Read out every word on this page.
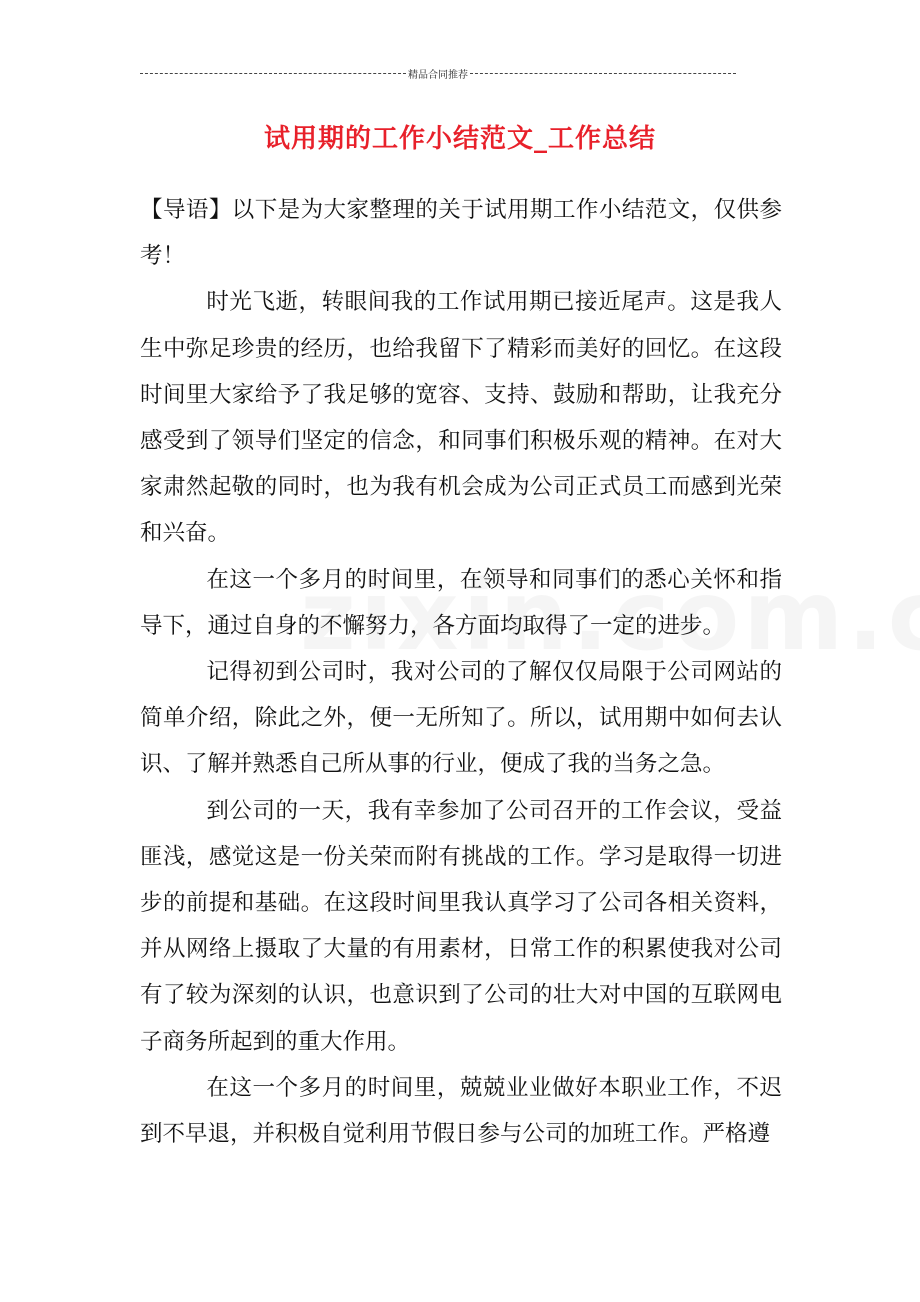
精品合同推荐
试用期的工作小结范文_工作总结

【导语】以下是为大家整理的关于试用期工作小结范文，仅供参考！

时光飞逝，转眼间我的工作试用期已接近尾声。这是我人生中弥足珍贵的经历，也给我留下了精彩而美好的回忆。在这段时间里大家给予了我足够的宽容、支持、鼓励和帮助，让我充分感受到了领导们坚定的信念，和同事们积极乐观的精神。在对大家肃然起敬的同时，也为我有机会成为公司正式员工而感到光荣和兴奋。

在这一个多月的时间里，在领导和同事们的悉心关怀和指导下，通过自身的不懈努力，各方面均取得了一定的进步。

记得初到公司时，我对公司的了解仅仅局限于公司网站的简单介绍，除此之外，便一无所知了。所以，试用期中如何去认识、了解并熟悉自己所从事的行业，便成了我的当务之急。

到公司的一天，我有幸参加了公司召开的工作会议，受益匪浅，感觉这是一份关荣而附有挑战的工作。学习是取得一切进步的前提和基础。在这段时间里我认真学习了公司各相关资料，并从网络上摄取了大量的有用素材，日常工作的积累使我对公司有了较为深刻的认识，也意识到了公司的壮大对中国的互联网电子商务所起到的重大作用。

在这一个多月的时间里，兢兢业业做好本职业工作，不迟到不早退，并积极自觉利用节假日参与公司的加班工作。严格遵
